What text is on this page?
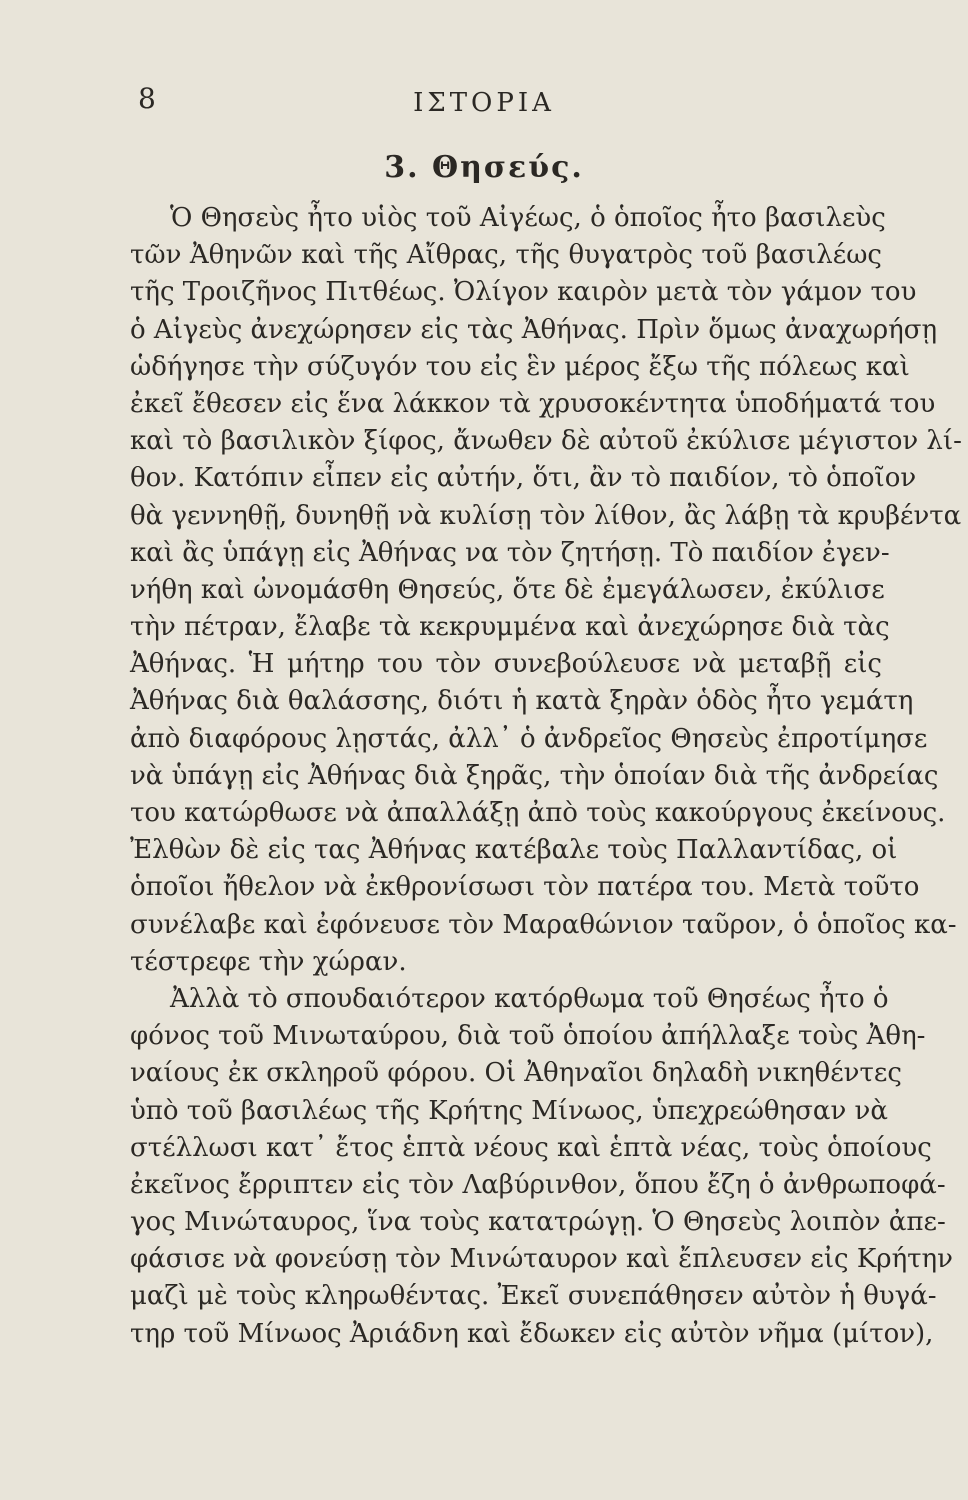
8	ΙΣΤΟΡΙΑ
3. Θησεύς.
Ὁ Θησεὺς ἦτο υἱὸς τοῦ Αἰγέως, ὁ ὁποῖος ἦτο βασιλεὺς
τῶν Ἀθηνῶν καὶ τῆς Αἴθρας, τῆς θυγατρὸς τοῦ βασιλέως
τῆς Τροιζῆνος Πιτθέως. Ὀλίγον καιρὸν μετὰ τὸν γάμον του
ὁ Αἰγεὺς ἀνεχώρησεν εἰς τὰς Ἀθήνας. Πρὶν ὅμως ἀναχωρήσῃ
ὡδήγησε τὴν σύζυγόν του εἰς ἓν μέρος ἔξω τῆς πόλεως καὶ
ἐκεῖ ἔθεσεν εἰς ἕνα λάκκον τὰ χρυσοκέντητα ὑποδήματά του
καὶ τὸ βασιλικὸν ξίφος, ἄνωθεν δὲ αὐτοῦ ἐκύλισε μέγιστον λί-
θον. Κατόπιν εἶπεν εἰς αὐτήν, ὅτι, ἂν τὸ παιδίον, τὸ ὁποῖον
θὰ γεννηθῇ, δυνηθῇ νὰ κυλίσῃ τὸν λίθον, ἂς λάβῃ τὰ κρυβέντα
καὶ ἂς ὑπάγῃ εἰς Ἀθήνας να τὸν ζητήσῃ. Τὸ παιδίον ἐγεν-
νήθη καὶ ὠνομάσθη Θησεύς, ὅτε δὲ ἐμεγάλωσεν, ἐκύλισε
τὴν πέτραν, ἔλαβε τὰ κεκρυμμένα καὶ ἀνεχώρησε διὰ τὰς
Ἀθήνας. Ἡ μήτηρ του τὸν συνεβούλευσε νὰ μεταβῇ εἰς
Ἀθήνας διὰ θαλάσσης, διότι ἡ κατὰ ξηρὰν ὁδὸς ἦτο γεμάτη
ἀπὸ διαφόρους λῃστάς, ἀλλ᾿ ὁ ἀνδρεῖος Θησεὺς ἐπροτίμησε
νὰ ὑπάγῃ εἰς Ἀθήνας διὰ ξηρᾶς, τὴν ὁποίαν διὰ τῆς ἀνδρείας
του κατώρθωσε νὰ ἀπαλλάξῃ ἀπὸ τοὺς κακούργους ἐκείνους.
Ἐλθὼν δὲ εἰς τας Ἀθήνας κατέβαλε τοὺς Παλλαντίδας, οἱ
ὁποῖοι ἤθελον νὰ ἐκθρονίσωσι τὸν πατέρα του. Μετὰ τοῦτο
συνέλαβε καὶ ἐφόνευσε τὸν Μαραθώνιον ταῦρον, ὁ ὁποῖος κα-
τέστρεφε τὴν χώραν.
Ἀλλὰ τὸ σπουδαιότερον κατόρθωμα τοῦ Θησέως ἦτο ὁ
φόνος τοῦ Μινωταύρου, διὰ τοῦ ὁποίου ἀπήλλαξε τοὺς Ἀθη-
ναίους ἐκ σκληροῦ φόρου. Οἱ Ἀθηναῖοι δηλαδὴ νικηθέντες
ὑπὸ τοῦ βασιλέως τῆς Κρήτης Μίνωος, ὑπεχρεώθησαν νὰ
στέλλωσι κατ᾿ ἔτος ἑπτὰ νέους καὶ ἑπτὰ νέας, τοὺς ὁποίους
ἐκεῖνος ἔρριπτεν εἰς τὸν Λαβύρινθον, ὅπου ἔζη ὁ ἀνθρωποφά-
γος Μινώταυρος, ἵνα τοὺς κατατρώγῃ. Ὁ Θησεὺς λοιπὸν ἀπε-
φάσισε νὰ φονεύσῃ τὸν Μινώταυρον καὶ ἔπλευσεν εἰς Κρήτην
μαζὶ μὲ τοὺς κληρωθέντας. Ἐκεῖ συνεπάθησεν αὐτὸν ἡ θυγά-
τηρ τοῦ Μίνωος Ἀριάδνη καὶ ἔδωκεν εἰς αὐτὸν νῆμα (μίτον),
